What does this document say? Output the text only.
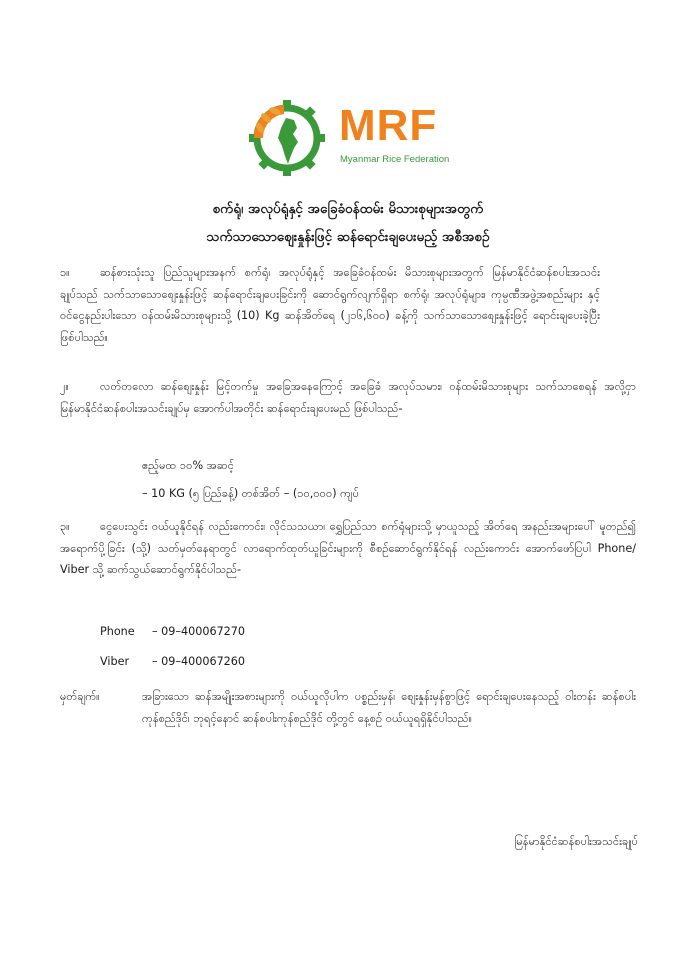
MRF
Myanmar Rice Federation
စက်ရုံ၊ အလုပ်ရုံနှင့် အခြေခံဝန်ထမ်း မိသားစုများအတွက်
သက်သာသောစျေးနှုန်းဖြင့် ဆန်ရောင်းချပေးမည့် အစီအစဉ်
၁။	ဆန်စားသုံးသူ ပြည်သူများအနက် စက်ရုံ၊ အလုပ်ရုံနှင့် အခြေခံဝန်ထမ်း မိသားစုများအတွက် မြန်မာနိုင်ငံဆန်စပါးအသင်းချုပ်သည် သက်သာသောစျေးနှုန်းဖြင့် ဆန်ရောင်းချပေးခြင်းကို ဆောင်ရွက်လျက်ရှိရာ စက်ရုံ၊ အလုပ်ရုံများ၊ ကုမ္ပဏီအဖွဲ့အစည်းများ နှင့် ဝင်ငွေနည်းပါးသော ဝန်ထမ်းမိသားစုများသို့ (10) Kg ဆန်အိတ်ရေ (၂၁၆,၆၀၀) ခန့်ကို သက်သာသောစျေးနှုန်းဖြင့် ရောင်းချပေးခဲ့ပြီး ဖြစ်ပါသည်။
၂။	လတ်တလော ဆန်စျေးနှုန်း မြင့်တက်မှု အခြေအနေကြောင့် အခြေခံ အလုပ်သမား၊ ဝန်ထမ်းမိသားစုများ သက်သာစေရန် အလို့ငှာ မြန်မာနိုင်ငံဆန်စပါးအသင်းချုပ်မှ အောက်ပါအတိုင်း ဆန်ရောင်းချပေးမည် ဖြစ်ပါသည်-
ဧည့်မထ ၁၀% အဆင့်
– 10 KG (၅ ပြည်ခန့်) တစ်အိတ် – (၁၀,၀၀၀) ကျပ်
၃။	ငွေပေးသွင်း ဝယ်ယူနိုင်ရန် လည်းကောင်း၊ လိုင်သသယာ၊ ရွှေပြည်သာ စက်ရုံများသို့ မှာယူသည့် အိတ်ရေ အနည်းအများပေါ် မူတည်၍ အရောက်ပို့ခြင်း (သို့) သတ်မှတ်နေရာတွင် လာရောက်ထုတ်ယူခြင်းများကို စီစဉ်ဆောင်ရွက်နိုင်ရန် လည်းကောင်း အောက်ဖော်ပြပါ Phone/ Viber သို့ ဆက်သွယ်ဆောင်ရွက်နိုင်ပါသည်-
Phone – 09–400067270
Viber – 09–400067260
မှတ်ချက်။	အခြားသော ဆန်အမျိုးအစားများကို ဝယ်ယူလိုပါက ပစ္စည်းမှန်၊ စျေးနှုန်းမှန်စွာဖြင့် ရောင်းချပေးနေသည့် ဝါးတန်း ဆန်စပါးကုန်စည်ဒိုင်၊ ဘုရင့်နောင် ဆန်စပါးကုန်စည်ဒိုင် တို့တွင် နေ့စဉ် ဝယ်ယူရရှိနိုင်ပါသည်။
မြန်မာနိုင်ငံဆန်စပါးအသင်းချုပ်
